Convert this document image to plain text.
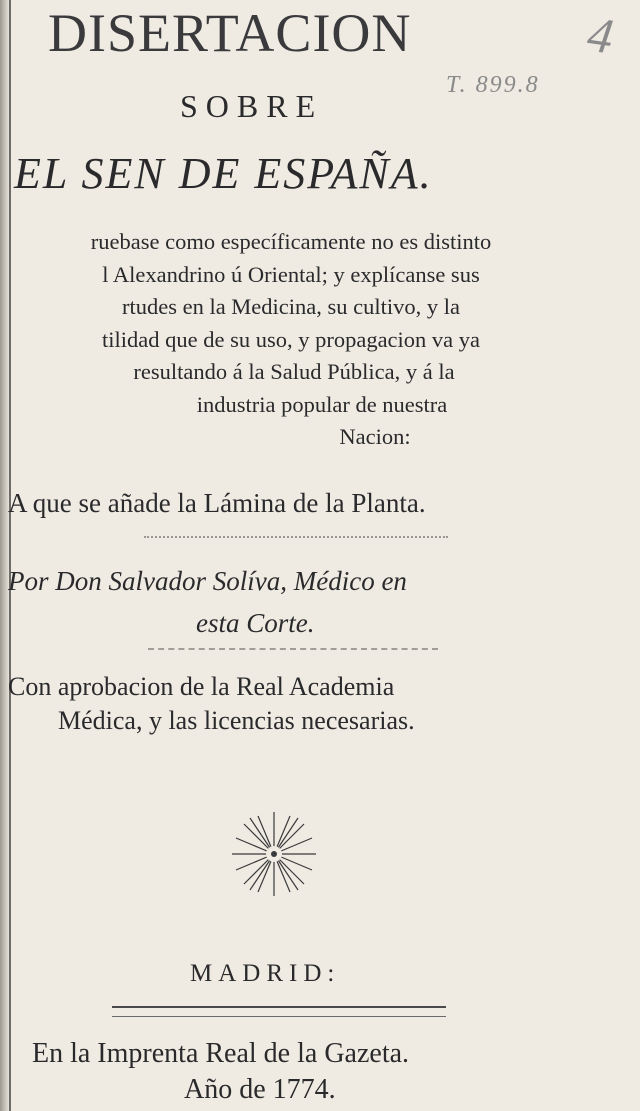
4
T. 899.8
DISERTACION
SOBRE
EL SEN DE ESPAÑA.
ruebase como específicamente no es distinto
l Alexandrino ú Oriental; y explícanse sus
rtudes en la Medicina, su cultivo, y la
tilidad que de su uso, y propagacion va ya
resultando á la Salud Pública, y á la
industria popular de nuestra
Nacion:
A que se añade la Lámina de la Planta.
Por Don Salvador Solíva, Médico en
esta Corte.
Con aprobacion de la Real Academia
Médica, y las licencias necesarias.
MADRID:
En la Imprenta Real de la Gazeta.
Año de 1774.
